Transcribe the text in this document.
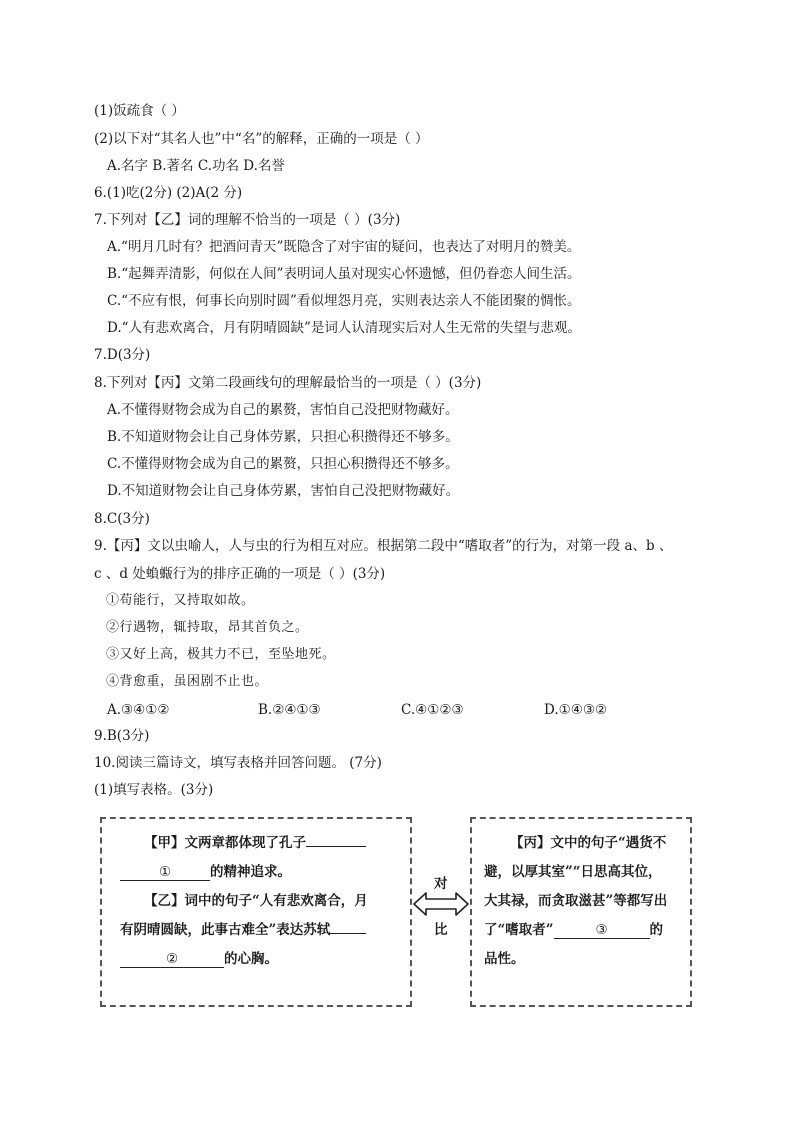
(1)饭疏食（ ）
(2)以下对“其名人也”中“名”的解释，正确的一项是（ ）
A.名字 B.著名 C.功名 D.名誉
6.(1)吃(2分) (2)A(2 分)
7.下列对【乙】词的理解不恰当的一项是（ ）(3分)
A.“明月几时有？把酒问青天”既隐含了对宇宙的疑问，也表达了对明月的赞美。
B.“起舞弄清影，何似在人间”表明词人虽对现实心怀遗憾，但仍眷恋人间生活。
C.“不应有恨，何事长向别时圆”看似埋怨月亮，实则表达亲人不能团聚的惆怅。
D.“人有悲欢离合，月有阴晴圆缺”是词人认清现实后对人生无常的失望与悲观。
7.D(3分)
8.下列对【丙】文第二段画线句的理解最恰当的一项是（ ）(3分)
A.不懂得财物会成为自己的累赘，害怕自己没把财物藏好。
B.不知道财物会让自己身体劳累，只担心积攒得还不够多。
C.不懂得财物会成为自己的累赘，只担心积攒得还不够多。
D.不知道财物会让自己身体劳累，害怕自己没把财物藏好。
8.C(3分)
9.【丙】文以虫喻人，人与虫的行为相互对应。根据第二段中“嗜取者”的行为，对第一段 a、b 、
c 、d 处蝜蝂行为的排序正确的一项是（ ）(3分)
①苟能行，又持取如故。
②行遇物，辄持取，昂其首负之。
③又好上高，极其力不已，至坠地死。
④背愈重，虽困剧不止也。
A.③④①②	B.②④①③	C.④①②③	D.①④③②
9.B(3分)
10.阅读三篇诗文，填写表格并回答问题。 (7分)
(1)填写表格。(3分)

【甲】文两章都体现了孔子

①	的精神追求。

【乙】词中的句子“人有悲欢离合，月

有阴晴圆缺，此事古难全”表达苏轼

②	的心胸。

对
比

【丙】文中的句子“遇货不

避，以厚其室”“日思高其位，

大其禄，而贪取滋甚”等都写出

了“嗜取者”	③	的

品性。
